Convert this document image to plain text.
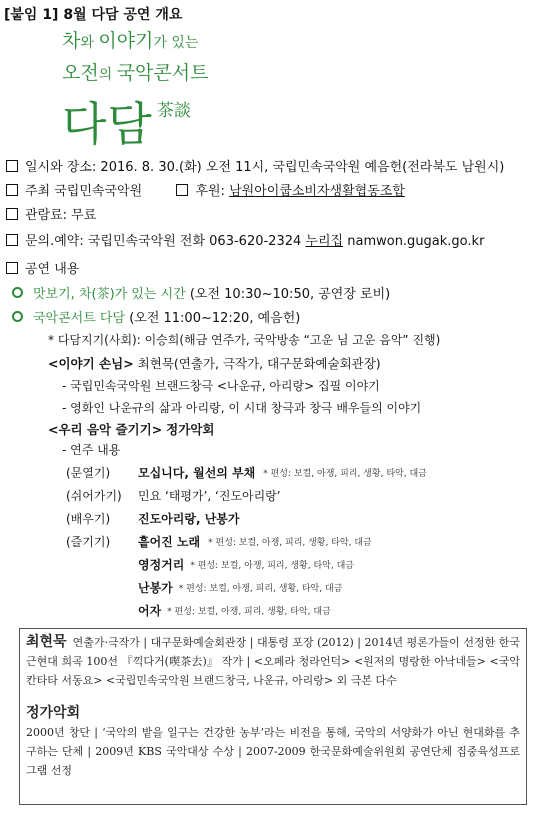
[붙임 1] 8월 다담 공연 개요
차와 이야기가 있는
오전의 국악콘서트
다담 $^{茶談}$
일시와 장소: 2016. 8. 30.(화) 오전 11시, 국립민속국악원 예음헌(전라북도 남원시)
주최 국립민속국악원	후원: 남원아이쿱소비자생활협동조합
관람료: 무료
문의.예약: 국립민속국악원 전화 063-620-2324 누리집 namwon.gugak.go.kr
공연 내용
맛보기, 차(茶)가 있는 시간 (오전 10:30~10:50, 공연장 로비)
국악콘서트 다담 (오전 11:00~12:20, 예음헌)
* 다담지기(사회): 이승희(해금 연주가, 국악방송 “고운 님 고운 음악” 진행)
<이야기 손님> 최현묵(연출가, 극작가, 대구문화예술회관장)
- 국립민속국악원 브랜드창극 <나운규, 아리랑> 집필 이야기
- 영화인 나운규의 삶과 아리랑, 이 시대 창극과 창극 배우들의 이야기
<우리 음악 즐기기> 정가악회
- 연주 내용
(문열기)	모십니다, 월선의 부채 * 편성: 보컬, 아쟁, 피리, 생황, 타악, 대금
(쉬어가기)	민요 ‘태평가’, ‘진도아리랑’
(배우기)	진도아리랑, 난봉가
(즐기기)	흩어진 노래 * 편성: 보컬, 아쟁, 피리, 생황, 타악, 대금
영정거리 * 편성: 보컬, 아쟁, 피리, 생황, 타악, 대금
난봉가 * 편성: 보컬, 아쟁, 피리, 생황, 타악, 대금
어자 * 편성: 보컬, 아쟁, 피리, 생황, 타악, 대금
최현묵 연출가·극작가 | 대구문화예술회관장 | 대통령 포장 (2012) | 2014년 평론가들이 선정한 한국 근현대 희곡 100선 『끽다거(喫茶去)』 작가 | <오페라 청라언덕> <원저의 명랑한 아낙네들> <국악칸타타 서동요> <국립민속국악원 브랜드창극, 나운규, 아리랑> 외 극본 다수
정가악회
2000년 창단 | ‘국악의 밭을 일구는 건강한 농부’라는 비전을 통해, 국악의 서양화가 아닌 현대화를 추구하는 단체 | 2009년 KBS 국악대상 수상 | 2007-2009 한국문화예술위원회 공연단체 집중육성프로그램 선정
